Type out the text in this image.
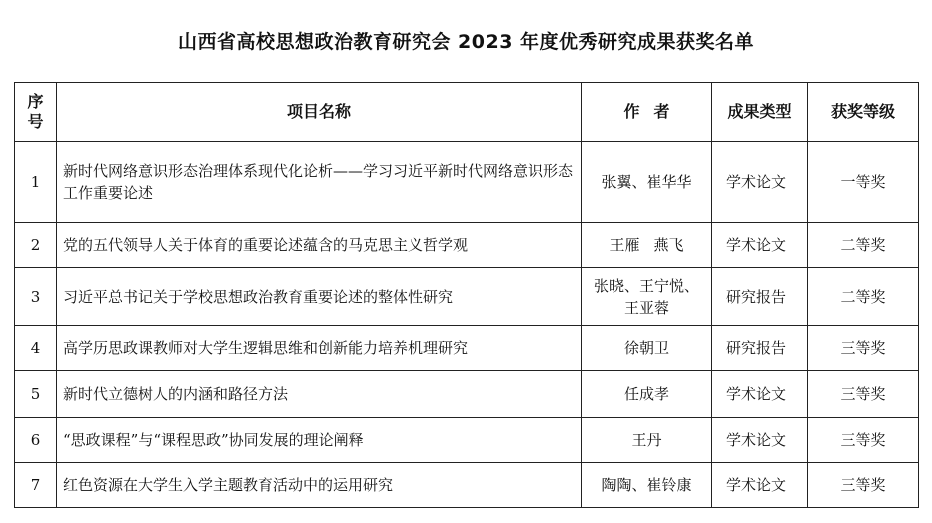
山西省高校思想政治教育研究会 2023 年度优秀研究成果获奖名单
序
号	项目名称	作者	成果类型	获奖等级
1	新时代网络意识形态治理体系现代化论析——学习习近平新时代网络意识形态工作重要论述	张翼、崔华华	学术论文	一等奖
2	党的五代领导人关于体育的重要论述蕴含的马克思主义哲学观	王雁 燕飞	学术论文	二等奖
3	习近平总书记关于学校思想政治教育重要论述的整体性研究	张晓、王宁悦、
王亚蓉	研究报告	二等奖
4	高学历思政课教师对大学生逻辑思维和创新能力培养机理研究	徐朝卫	研究报告	三等奖
5	新时代立德树人的内涵和路径方法	任成孝	学术论文	三等奖
6	“思政课程”与“课程思政”协同发展的理论阐释	王丹	学术论文	三等奖
7	红色资源在大学生入学主题教育活动中的运用研究	陶陶、崔铃康	学术论文	三等奖
